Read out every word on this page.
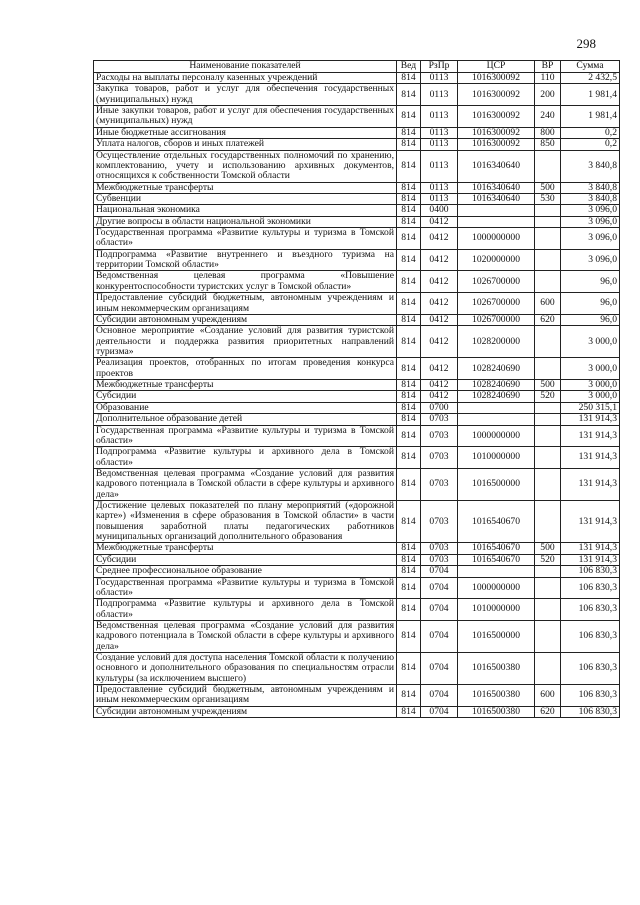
298
Наименование показателей	Вед	РзПр	ЦСР	ВР	Сумма
Расходы на выплаты персоналу казенных учреждений	814	0113	1016300092	110	2 432,5
Закупка товаров, работ и услуг для обеспечения государственных (муниципальных) нужд	814	0113	1016300092	200	1 981,4
Иные закупки товаров, работ и услуг для обеспечения государственных (муниципальных) нужд	814	0113	1016300092	240	1 981,4
Иные бюджетные ассигнования	814	0113	1016300092	800	0,2
Уплата налогов, сборов и иных платежей	814	0113	1016300092	850	0,2
Осуществление отдельных государственных полномочий по хранению, комплектованию, учету и использованию архивных документов, относящихся к собственности Томской области	814	0113	1016340640		3 840,8
Межбюджетные трансферты	814	0113	1016340640	500	3 840,8
Субвенции	814	0113	1016340640	530	3 840,8
Национальная экономика	814	0400			3 096,0
Другие вопросы в области национальной экономики	814	0412			3 096,0
Государственная программа «Развитие культуры и туризма в Томской области»	814	0412	1000000000		3 096,0
Подпрограмма «Развитие внутреннего и въездного туризма на территории Томской области»	814	0412	1020000000		3 096,0
Ведомственная целевая программа «Повышение конкурентоспособности туристских услуг в Томской области»	814	0412	1026700000		96,0
Предоставление субсидий бюджетным, автономным учреждениям и иным некоммерческим организациям	814	0412	1026700000	600	96,0
Субсидии автономным учреждениям	814	0412	1026700000	620	96,0
Основное мероприятие «Создание условий для развития туристской деятельности и поддержка развития приоритетных направлений туризма»	814	0412	1028200000		3 000,0
Реализация проектов, отобранных по итогам проведения конкурса проектов	814	0412	1028240690		3 000,0
Межбюджетные трансферты	814	0412	1028240690	500	3 000,0
Субсидии	814	0412	1028240690	520	3 000,0
Образование	814	0700			250 315,1
Дополнительное образование детей	814	0703			131 914,3
Государственная программа «Развитие культуры и туризма в Томской области»	814	0703	1000000000		131 914,3
Подпрограмма «Развитие культуры и архивного дела в Томской области»	814	0703	1010000000		131 914,3
Ведомственная целевая программа «Создание условий для развития кадрового потенциала в Томской области в сфере культуры и архивного дела»	814	0703	1016500000		131 914,3
Достижение целевых показателей по плану мероприятий («дорожной карте») «Изменения в сфере образования в Томской области» в части повышения заработной платы педагогических работников муниципальных организаций дополнительного образования	814	0703	1016540670		131 914,3
Межбюджетные трансферты	814	0703	1016540670	500	131 914,3
Субсидии	814	0703	1016540670	520	131 914,3
Среднее профессиональное образование	814	0704			106 830,3
Государственная программа «Развитие культуры и туризма в Томской области»	814	0704	1000000000		106 830,3
Подпрограмма «Развитие культуры и архивного дела в Томской области»	814	0704	1010000000		106 830,3
Ведомственная целевая программа «Создание условий для развития кадрового потенциала в Томской области в сфере культуры и архивного дела»	814	0704	1016500000		106 830,3
Создание условий для доступа населения Томской области к получению основного и дополнительного образования по специальностям отрасли культуры (за исключением высшего)	814	0704	1016500380		106 830,3
Предоставление субсидий бюджетным, автономным учреждениям и иным некоммерческим организациям	814	0704	1016500380	600	106 830,3
Субсидии автономным учреждениям	814	0704	1016500380	620	106 830,3
